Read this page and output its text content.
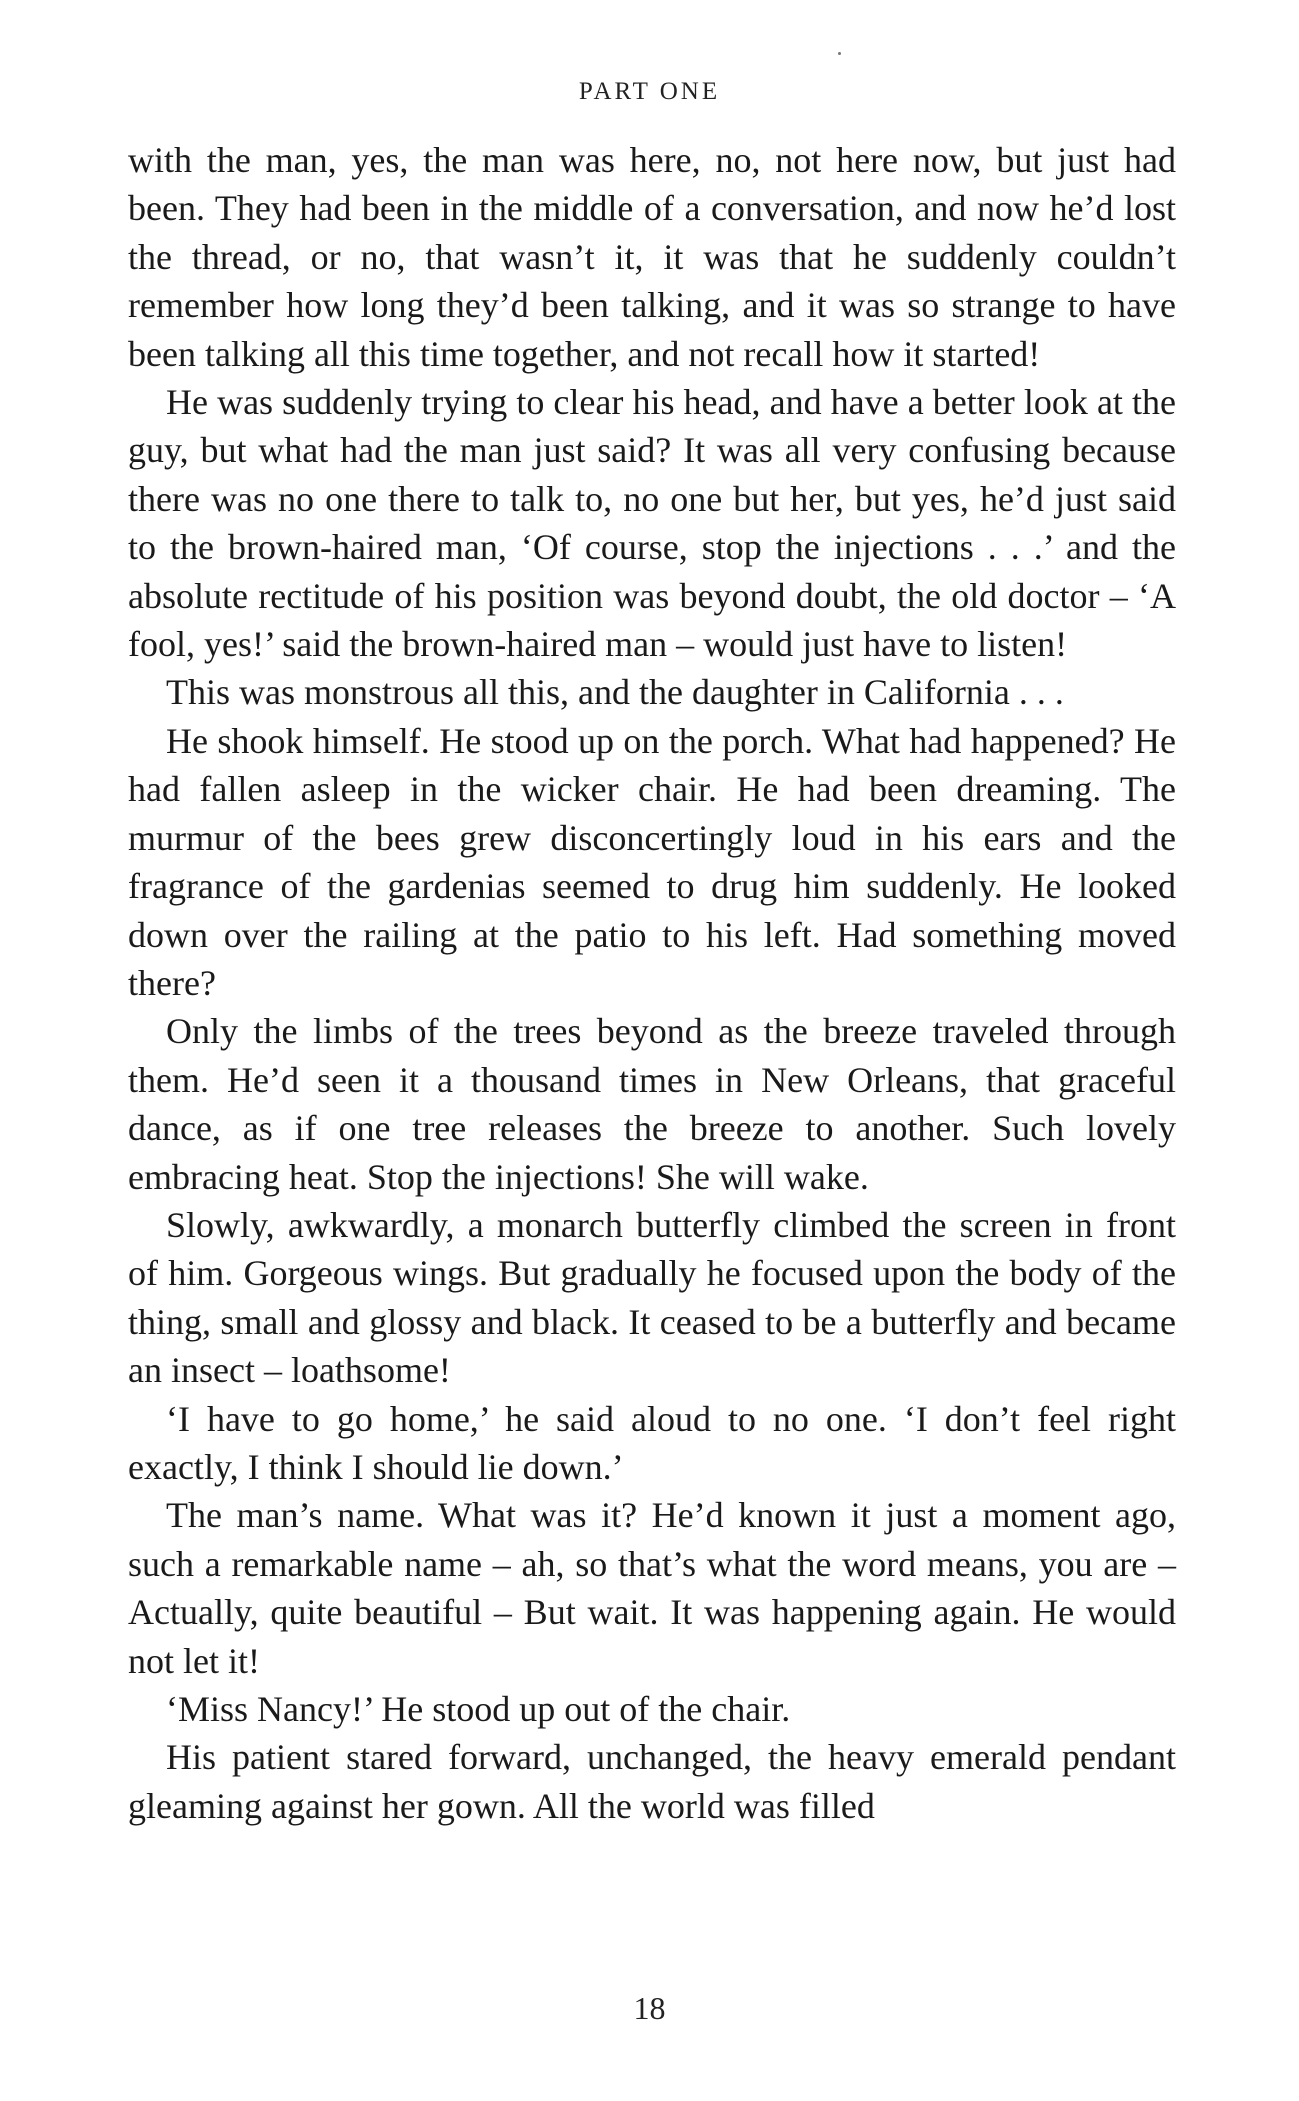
PART ONE

with the man, yes, the man was here, no, not here now, but just had been. They had been in the middle of a conversation, and now he’d lost the thread, or no, that wasn’t it, it was that he suddenly couldn’t remember how long they’d been talking, and it was so strange to have been talking all this time together, and not recall how it started!

He was suddenly trying to clear his head, and have a better look at the guy, but what had the man just said? It was all very confusing because there was no one there to talk to, no one but her, but yes, he’d just said to the brown-haired man, ‘Of course, stop the injections . . .’ and the absolute rectitude of his position was beyond doubt, the old doctor – ‘A fool, yes!’ said the brown-haired man – would just have to listen!

This was monstrous all this, and the daughter in California . . .

He shook himself. He stood up on the porch. What had happened? He had fallen asleep in the wicker chair. He had been dreaming. The murmur of the bees grew disconcertingly loud in his ears and the fragrance of the gardenias seemed to drug him suddenly. He looked down over the railing at the patio to his left. Had something moved there?

Only the limbs of the trees beyond as the breeze traveled through them. He’d seen it a thousand times in New Orleans, that graceful dance, as if one tree releases the breeze to another. Such lovely embracing heat. Stop the injections! She will wake.

Slowly, awkwardly, a monarch butterfly climbed the screen in front of him. Gorgeous wings. But gradually he focused upon the body of the thing, small and glossy and black. It ceased to be a butterfly and became an insect – loathsome!

‘I have to go home,’ he said aloud to no one. ‘I don’t feel right exactly, I think I should lie down.’

The man’s name. What was it? He’d known it just a moment ago, such a remarkable name – ah, so that’s what the word means, you are – Actually, quite beautiful – But wait. It was happening again. He would not let it!

‘Miss Nancy!’ He stood up out of the chair.

His patient stared forward, unchanged, the heavy emerald pendant gleaming against her gown. All the world was filled

18
